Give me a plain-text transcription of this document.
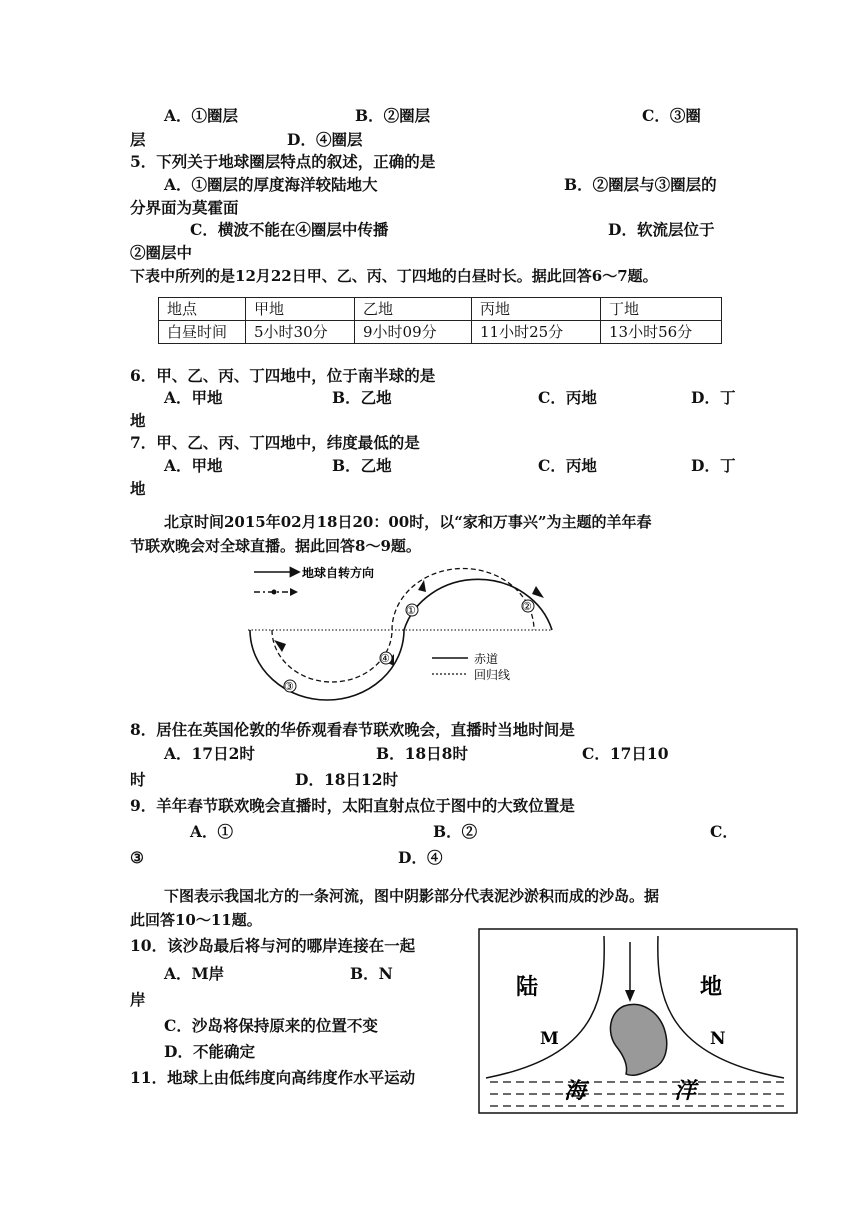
A．①圈层	B．②圈层	C．③圈
层	D．④圈层
5．下列关于地球圈层特点的叙述，正确的是
A．①圈层的厚度海洋较陆地大	B．②圈层与③圈层的
分界面为莫霍面
C．横波不能在④圈层中传播	D．软流层位于
②圈层中
下表中所列的是12月22日甲、乙、丙、丁四地的白昼时长。据此回答6～7题。
地点	甲地	乙地	丙地	丁地
白昼时间	5小时30分	9小时09分	11小时25分	13小时56分
6．甲、乙、丙、丁四地中，位于南半球的是
A．甲地	B．乙地	C．丙地	D．丁
地
7．甲、乙、丙、丁四地中，纬度最低的是
A．甲地	B．乙地	C．丙地	D．丁
地
北京时间2015年02月18日20：00时，以“家和万事兴”为主题的羊年春
节联欢晚会对全球直播。据此回答8～9题。
地球自转方向
①	②
③
④	赤道
回归线
8．居住在英国伦敦的华侨观看春节联欢晚会，直播时当地时间是
A．17日2时	B．18日8时	C．17日10
时	D．18日12时
9．羊年春节联欢晚会直播时，太阳直射点位于图中的大致位置是
A．①	B．②	C．
③	D．④
下图表示我国北方的一条河流，图中阴影部分代表泥沙淤积而成的沙岛。据
此回答10～11题。
10．该沙岛最后将与河的哪岸连接在一起
A．M岸	B．N
岸
C．沙岛将保持原来的位置不变
D．不能确定
11．地球上由低纬度向高纬度作水平运动
陆	地
M	N
海	洋
